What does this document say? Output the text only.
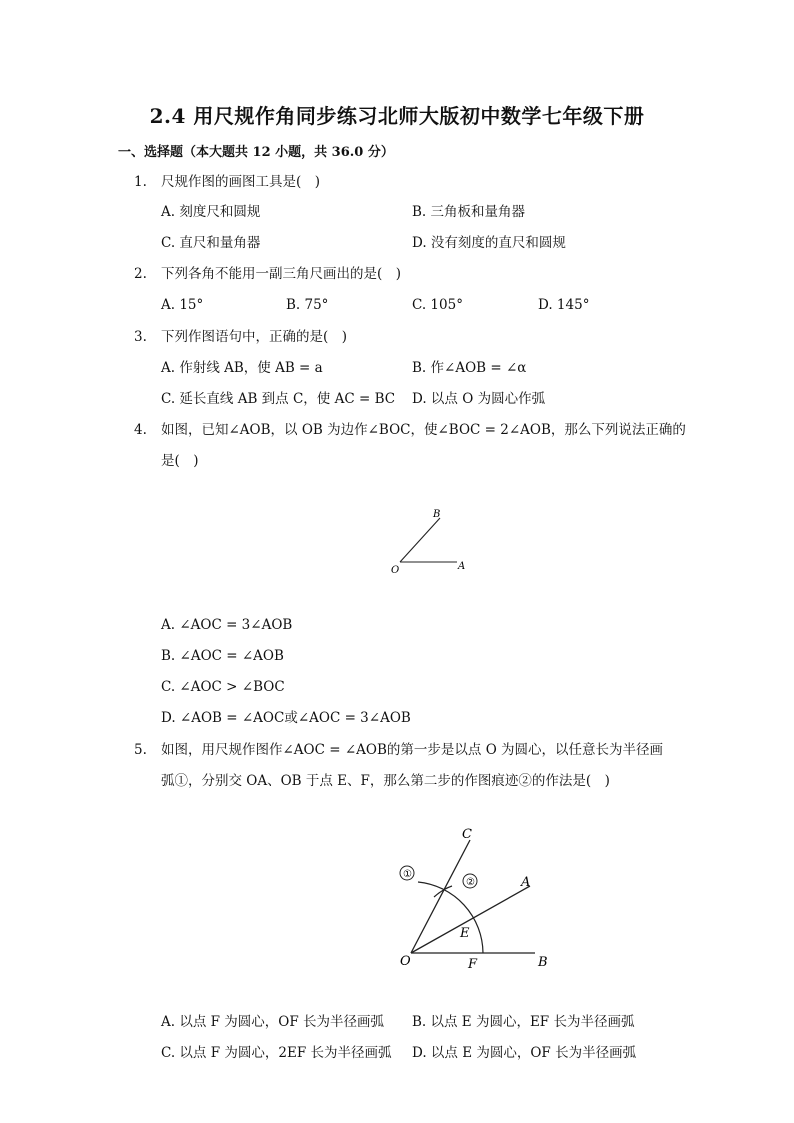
2.4 用尺规作角同步练习北师大版初中数学七年级下册
一、选择题（本大题共 12 小题，共 36.0 分）
1. 尺规作图的画图工具是(　)
A. 刻度尺和圆规	B. 三角板和量角器
C. 直尺和量角器	D. 没有刻度的直尺和圆规
2. 下列各角不能用一副三角尺画出的是(　)
A. 15°	B. 75°	C. 105°	D. 145°
3. 下列作图语句中，正确的是(　)
A. 作射线 AB，使 AB = a	B. 作∠AOB = ∠α
C. 延长直线 AB 到点 C，使 AC = BC D. 以点 O 为圆心作弧
4. 如图，已知∠AOB，以 OB 为边作∠BOC，使∠BOC = 2∠AOB，那么下列说法正确的
是(　)
B
O	A
A. ∠AOC = 3∠AOB
B. ∠AOC = ∠AOB
C. ∠AOC > ∠BOC
D. ∠AOB = ∠AOC或∠AOC = 3∠AOB
5. 如图，用尺规作图作∠AOC = ∠AOB的第一步是以点 O 为圆心，以任意长为半径画
弧①，分别交 OA、OB 于点 E、F，那么第二步的作图痕迹②的作法是(　)
①
②
C
A
E
O	F	B
A. 以点 F 为圆心，OF 长为半径画弧 B. 以点 E 为圆心，EF 长为半径画弧
C. 以点 F 为圆心，2EF 长为半径画弧 D. 以点 E 为圆心，OF 长为半径画弧
